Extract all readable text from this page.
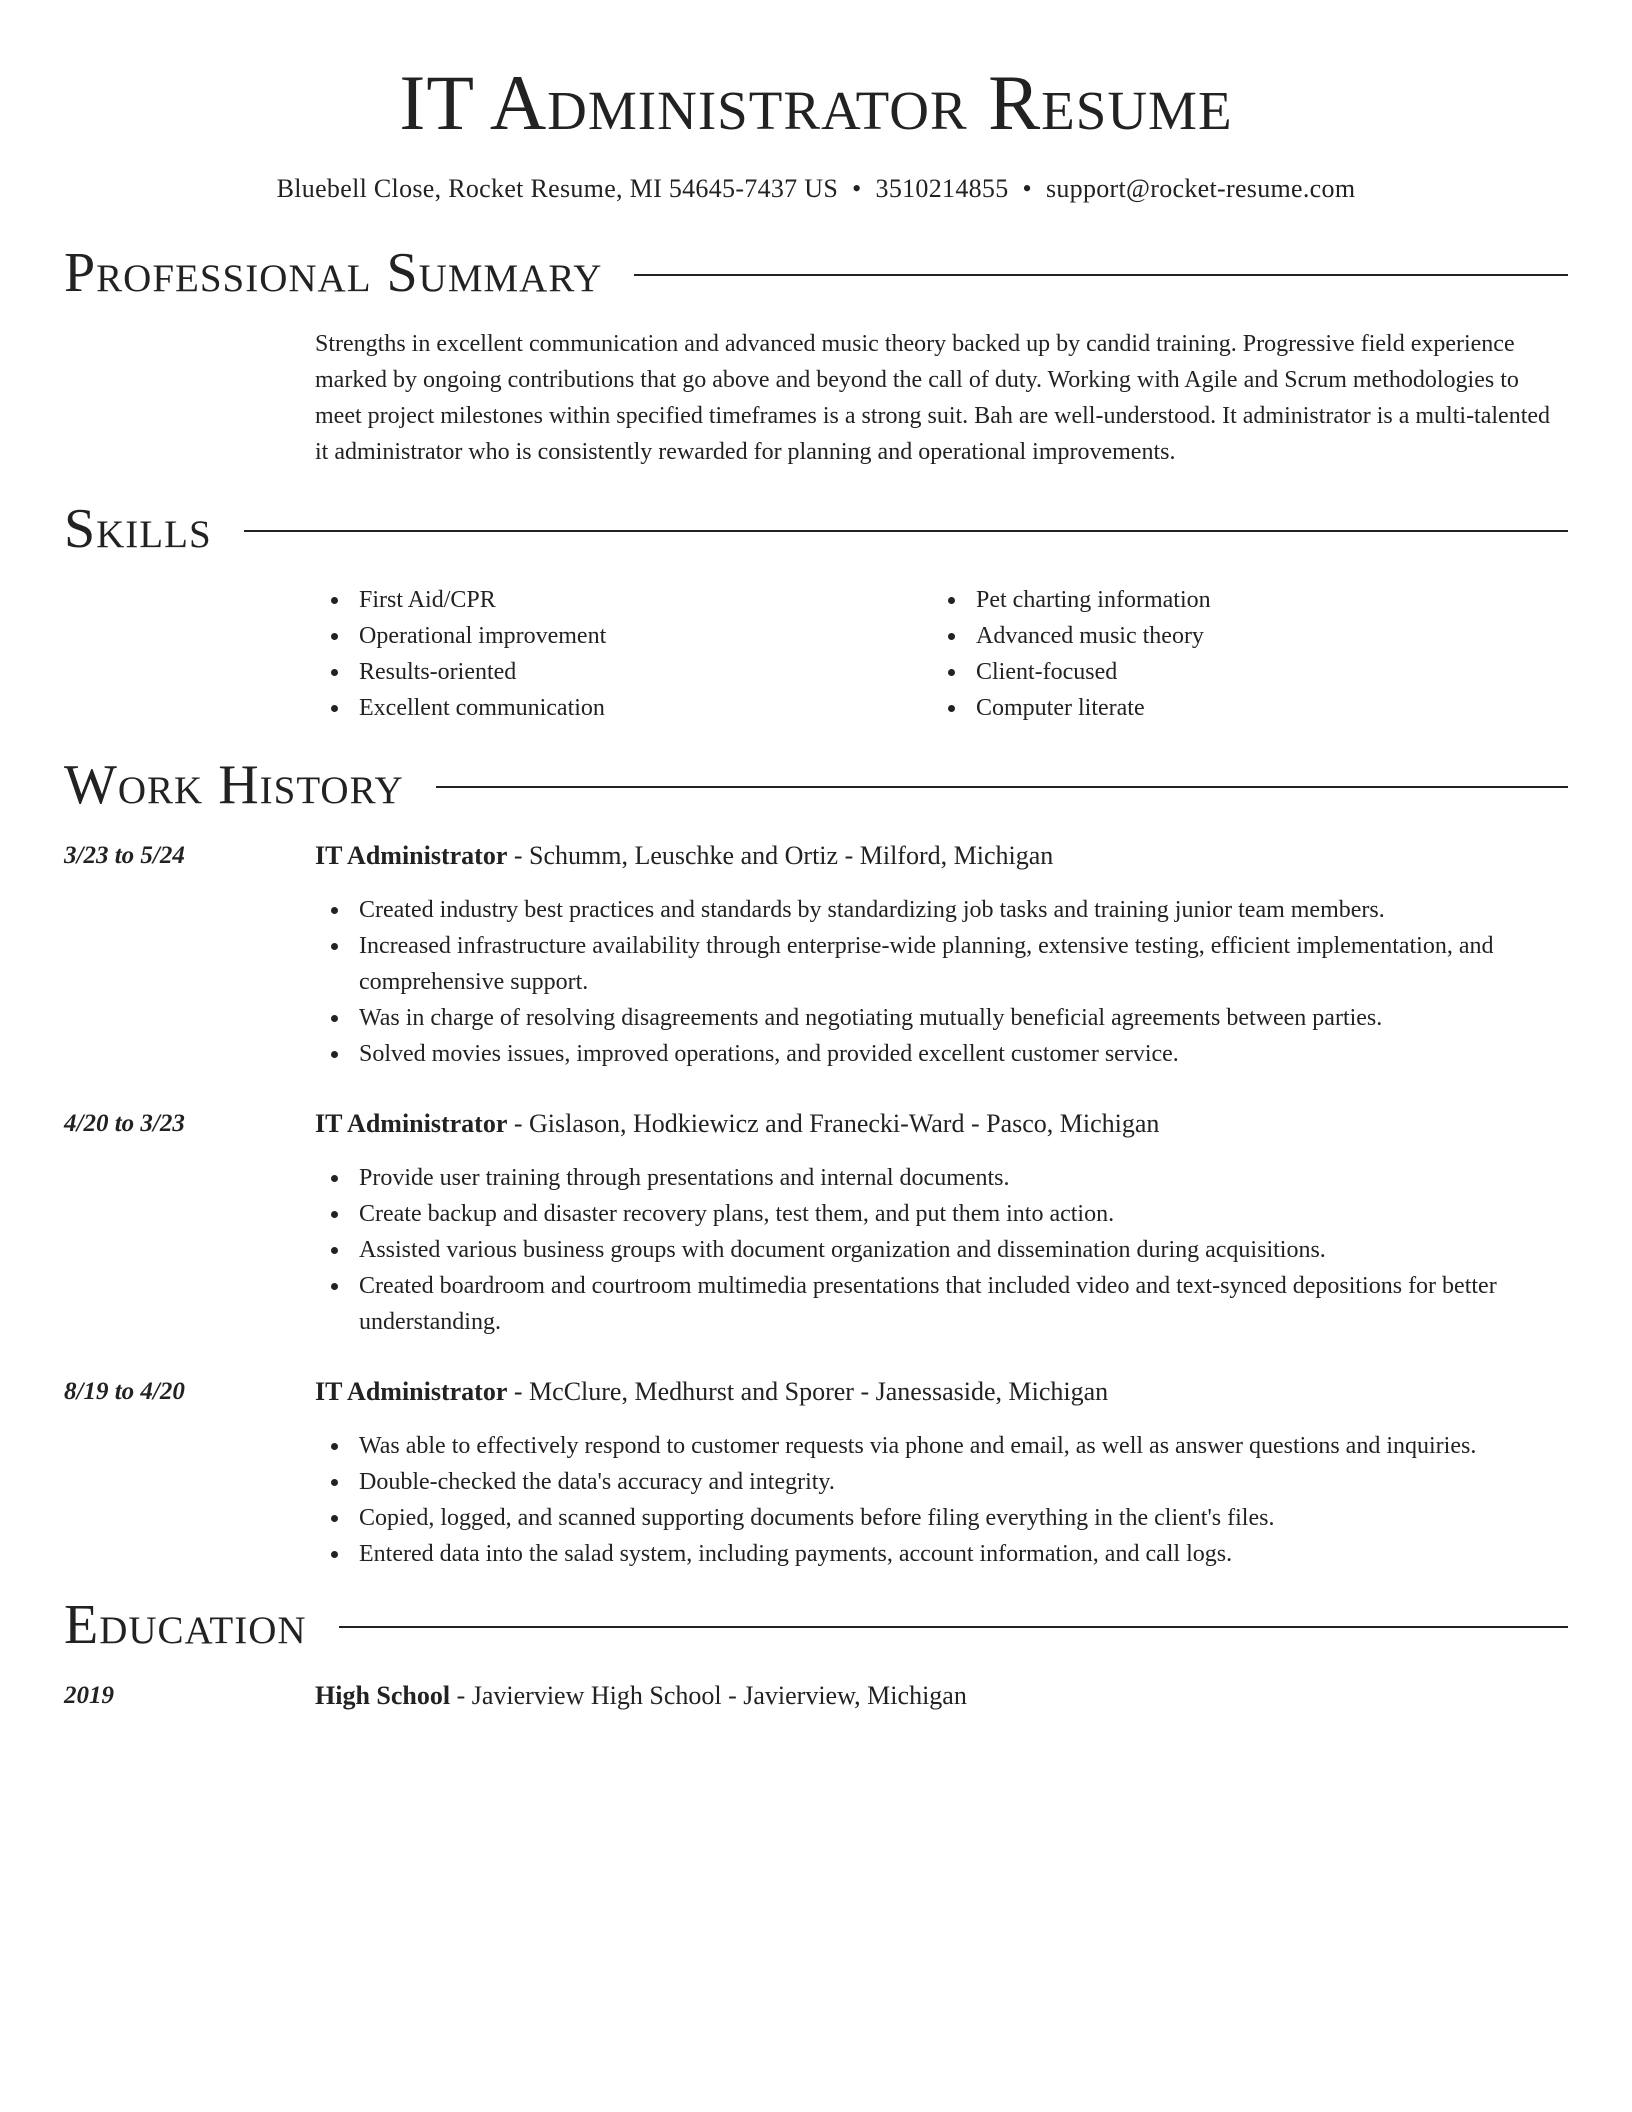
IT Administrator Resume
Bluebell Close, Rocket Resume, MI 54645-7437 US • 3510214855 • support@rocket-resume.com
Professional Summary

Strengths in excellent communication and advanced music theory backed up by candid training. Progressive field experience marked by ongoing contributions that go above and beyond the call of duty. Working with Agile and Scrum methodologies to meet project milestones within specified timeframes is a strong suit. Bah are well-understood. It administrator is a multi-talented it administrator who is consistently rewarded for planning and operational improvements.

Skills
First Aid/CPR
Operational improvement
Results-oriented
Excellent communication
Pet charting information
Advanced music theory
Client-focused
Computer literate
Work History
3/23 to 5/24	IT Administrator - Schumm, Leuschke and Ortiz - Milford, Michigan
Created industry best practices and standards by standardizing job tasks and training junior team members.
Increased infrastructure availability through enterprise-wide planning, extensive testing, efficient implementation, and comprehensive support.
Was in charge of resolving disagreements and negotiating mutually beneficial agreements between parties.
Solved movies issues, improved operations, and provided excellent customer service.
4/20 to 3/23	IT Administrator - Gislason, Hodkiewicz and Franecki-Ward - Pasco, Michigan
Provide user training through presentations and internal documents.
Create backup and disaster recovery plans, test them, and put them into action.
Assisted various business groups with document organization and dissemination during acquisitions.
Created boardroom and courtroom multimedia presentations that included video and text-synced depositions for better understanding.
8/19 to 4/20	IT Administrator - McClure, Medhurst and Sporer - Janessaside, Michigan
Was able to effectively respond to customer requests via phone and email, as well as answer questions and inquiries.
Double-checked the data's accuracy and integrity.
Copied, logged, and scanned supporting documents before filing everything in the client's files.
Entered data into the salad system, including payments, account information, and call logs.
Education
2019	High School - Javierview High School - Javierview, Michigan
